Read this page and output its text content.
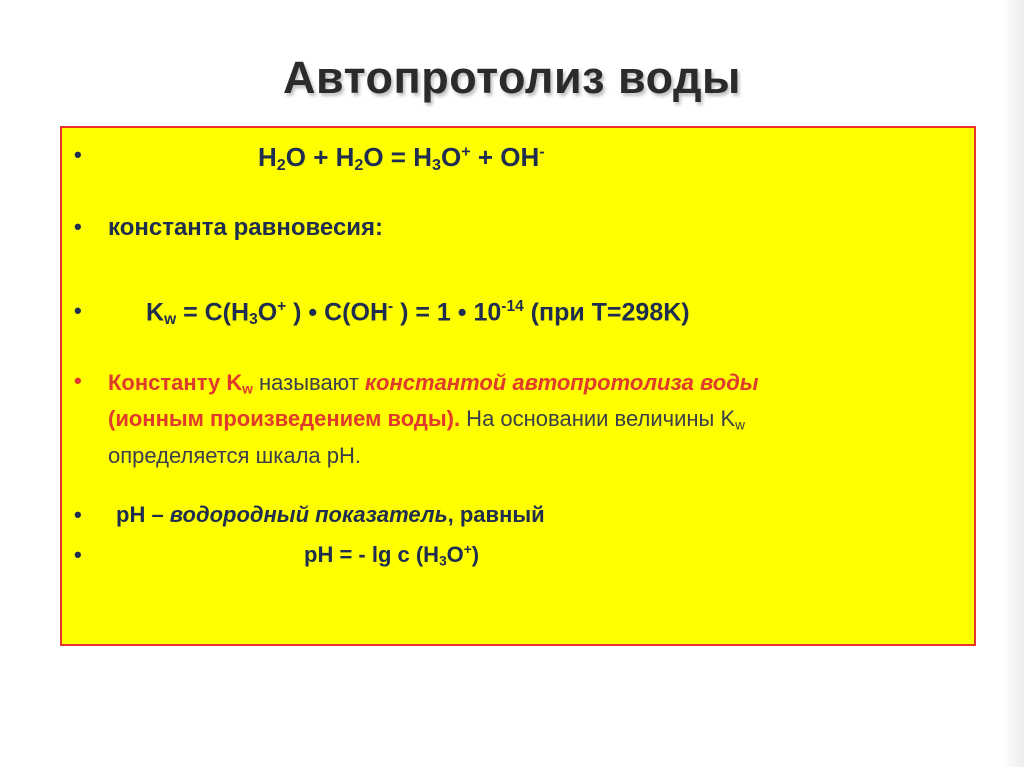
Автопротолиз воды
•	$H_2O + H_2O = H_3O^+ + OH^-$
• константа равновесия:
•	$K_w = C(H_3O^+$ ) • C(OH- ) = 1 • $10^{-14}$ (при T=298K)
• Константу $K_w$ называют константой автопротолиза воды
(ионным произведением воды). На основании величины $K_w$
определяется шкала pH.
• pH – водородный показатель, равный
•	pH = - lg c $(H_3O^+)$
